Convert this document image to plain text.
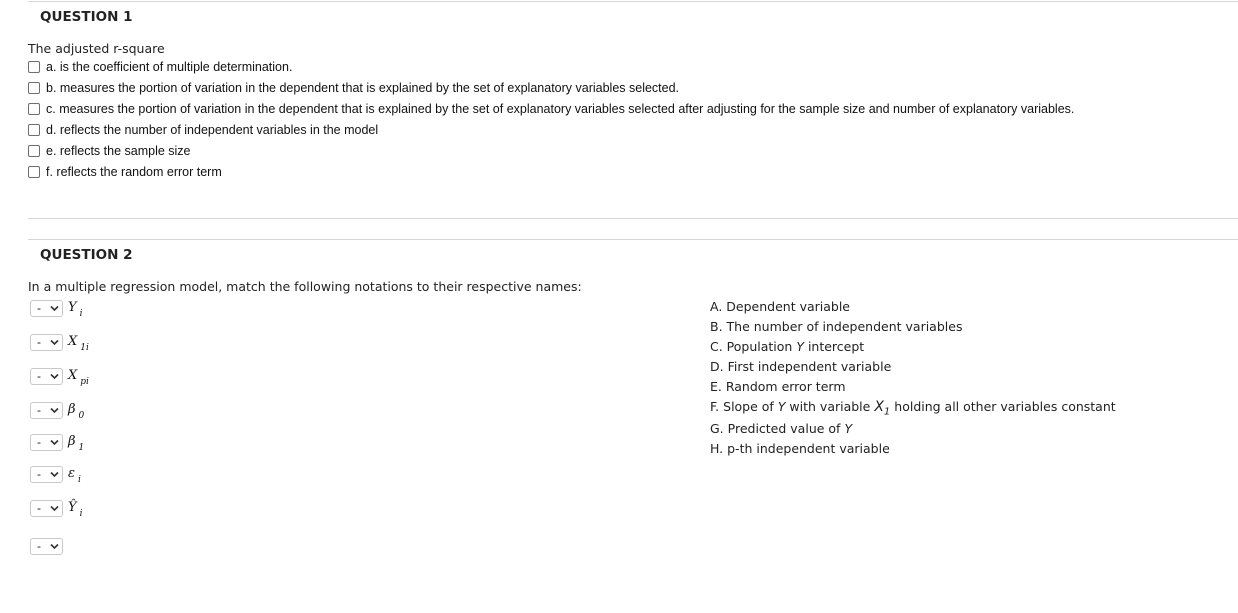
QUESTION 1
The adjusted r-square
a. is the coefficient of multiple determination.
b. measures the portion of variation in the dependent that is explained by the set of explanatory variables selected.
c. measures the portion of variation in the dependent that is explained by the set of explanatory variables selected after adjusting for the sample size and number of explanatory variables.
d. reflects the number of independent variables in the model
e. reflects the sample size
f. reflects the random error term
QUESTION 2
In a multiple regression model, match the following notations to their respective names:
- Y $_i$
- X $_{1i}$
- X $_{pi}$
- β $_0$
- β $_1$
- ε $_i$
- Ŷ $_i$
-
A. Dependent variable
B. The number of independent variables
C. Population Y intercept
D. First independent variable
E. Random error term
F. Slope of Y with variable $X_1$ holding all other variables constant
G. Predicted value of Y
H. p-th independent variable
